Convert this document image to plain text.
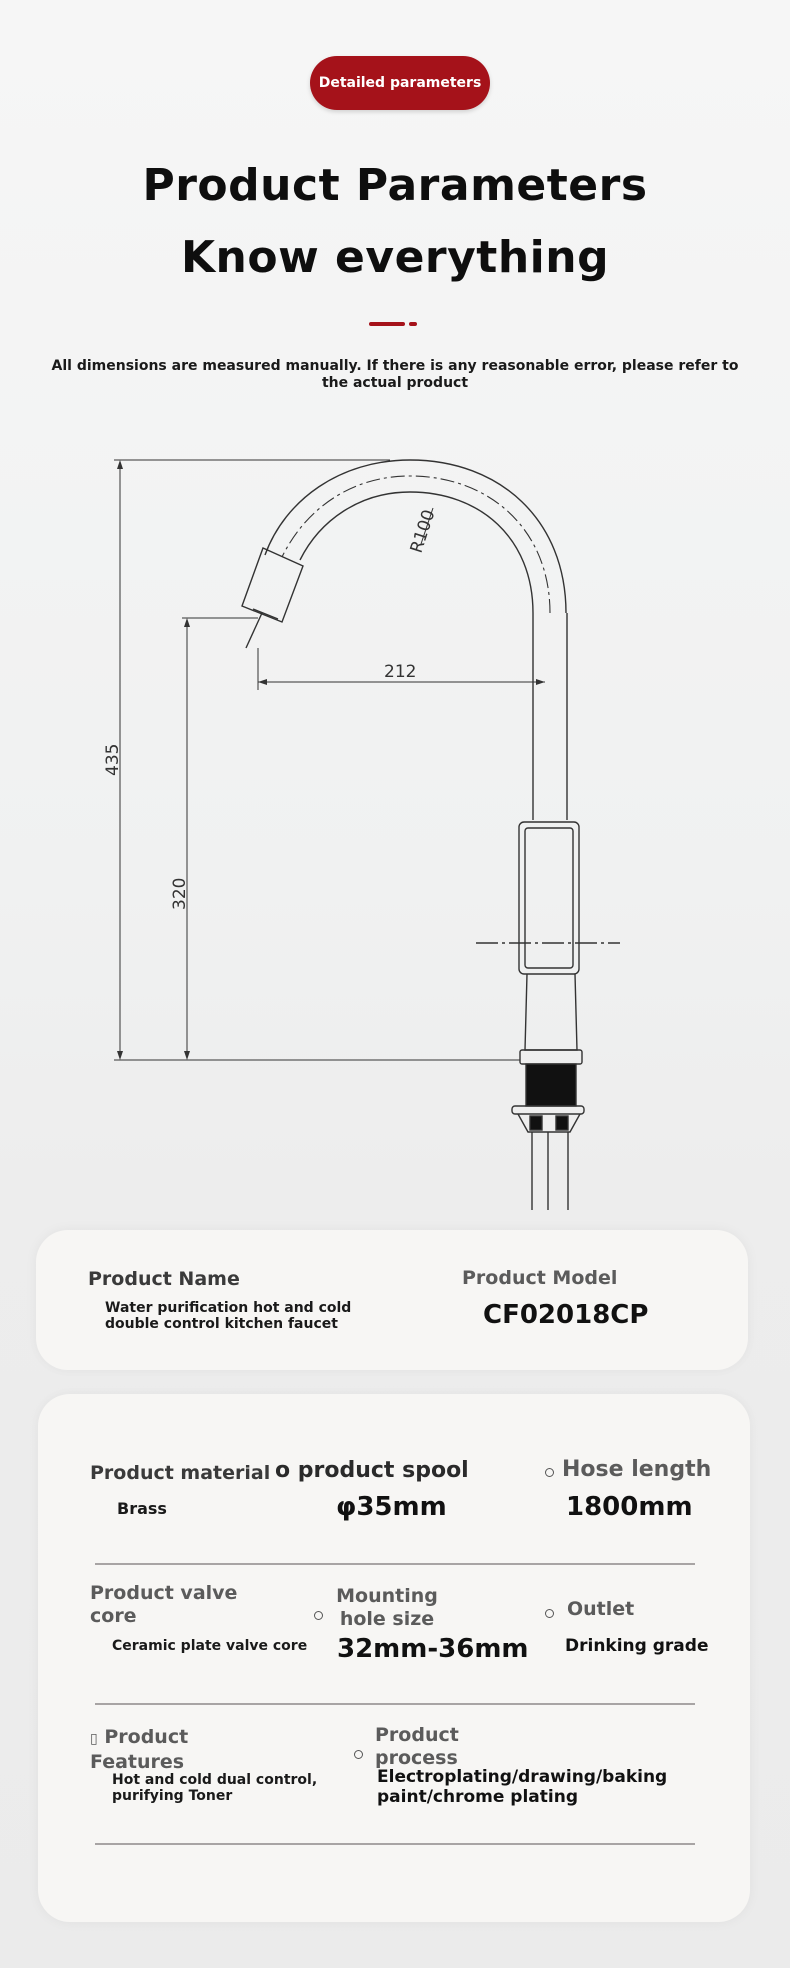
Detailed parameters
Product Parameters
Know everything
All dimensions are measured manually. If there is any reasonable error, please refer to the actual product
212
435
320
R100
Product Name
Water purification hot and cold double control kitchen faucet
Product Model
CF02018CP
Product material
Brass
o product spool
φ35mm
Hose length
1800mm
Product valve core
Ceramic plate valve core
Mounting hole size
32mm-36mm
Outlet
Drinking grade
▯ Product Features
Hot and cold dual control, purifying Toner
Product process
Electroplating/drawing/baking paint/chrome plating
